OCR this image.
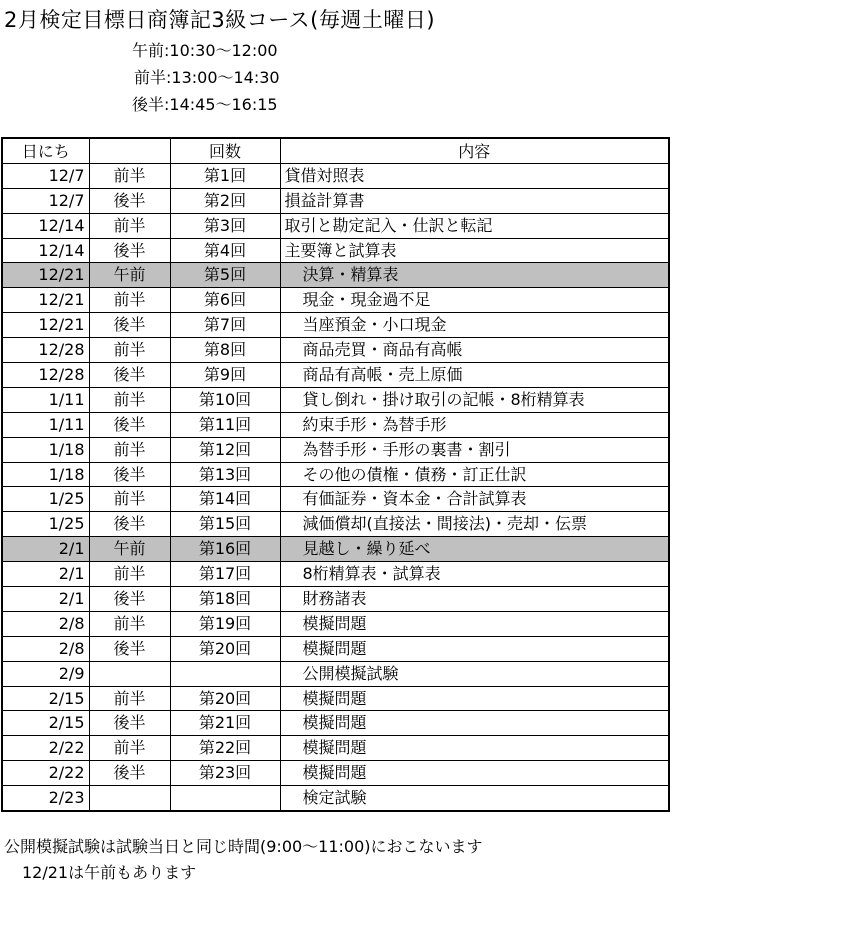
2月検定目標日商簿記3級コース(毎週土曜日)
午前:10:30〜12:00
前半:13:00〜14:30
後半:14:45〜16:15
日にち		回数	内容
12/7	前半	第1回	貸借対照表
12/7	後半	第2回	損益計算書
12/14	前半	第3回	取引と勘定記入・仕訳と転記
12/14	後半	第4回	主要簿と試算表
12/21	午前	第5回	決算・精算表
12/21	前半	第6回	現金・現金過不足
12/21	後半	第7回	当座預金・小口現金
12/28	前半	第8回	商品売買・商品有高帳
12/28	後半	第9回	商品有高帳・売上原価
1/11	前半	第10回	貸し倒れ・掛け取引の記帳・8桁精算表
1/11	後半	第11回	約束手形・為替手形
1/18	前半	第12回	為替手形・手形の裏書・割引
1/18	後半	第13回	その他の債権・債務・訂正仕訳
1/25	前半	第14回	有価証券・資本金・合計試算表
1/25	後半	第15回	減価償却(直接法・間接法)・売却・伝票
2/1	午前	第16回	見越し・繰り延べ
2/1	前半	第17回	8桁精算表・試算表
2/1	後半	第18回	財務諸表
2/8	前半	第19回	模擬問題
2/8	後半	第20回	模擬問題
2/9			公開模擬試験
2/15	前半	第20回	模擬問題
2/15	後半	第21回	模擬問題
2/22	前半	第22回	模擬問題
2/22	後半	第23回	模擬問題
2/23			検定試験
公開模擬試験は試験当日と同じ時間(9:00〜11:00)におこないます
12/21は午前もあります
